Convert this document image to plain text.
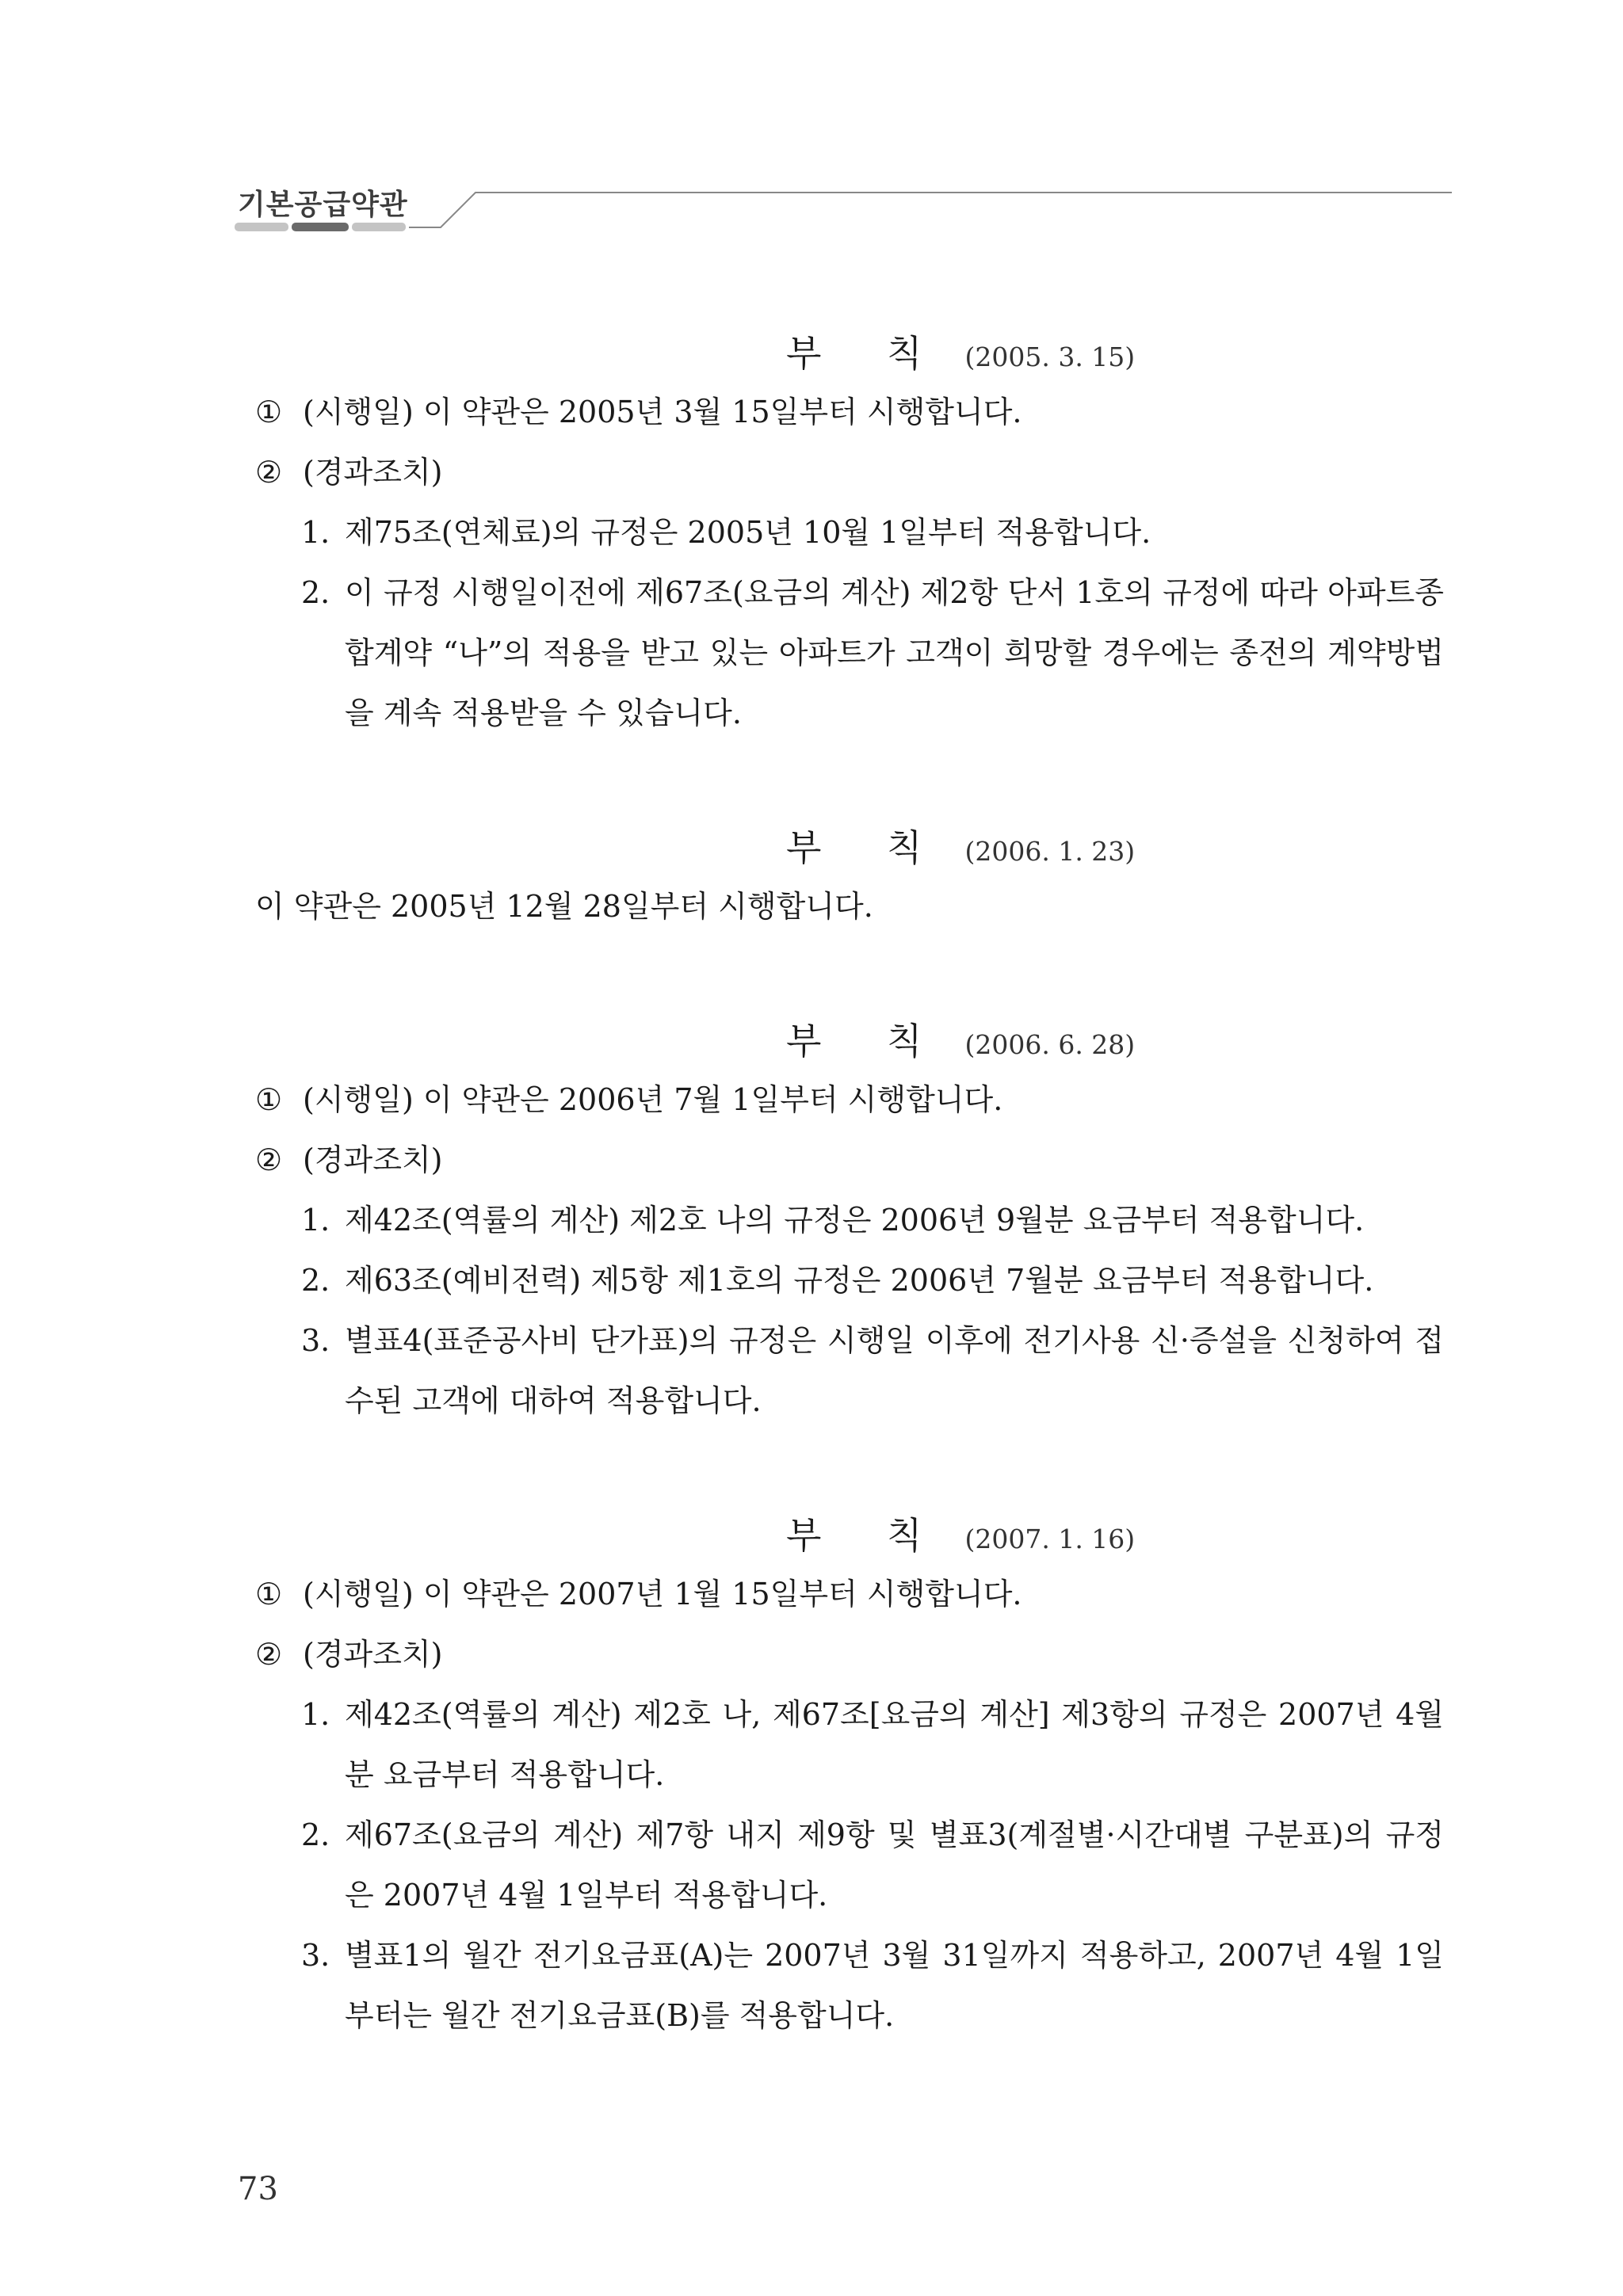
기본공급약관
부 칙 (2005. 3. 15)
① (시행일) 이 약관은 2005년 3월 15일부터 시행합니다.
② (경과조치)
1. 제75조(연체료)의 규정은 2005년 10월 1일부터 적용합니다.
2. 이 규정 시행일이전에 제67조(요금의 계산) 제2항 단서 1호의 규정에 따라 아파트종합계약 “나”의 적용을 받고 있는 아파트가 고객이 희망할 경우에는 종전의 계약방법을 계속 적용받을 수 있습니다.
부 칙 (2006. 1. 23)
이 약관은 2005년 12월 28일부터 시행합니다.
부 칙 (2006. 6. 28)
① (시행일) 이 약관은 2006년 7월 1일부터 시행합니다.
② (경과조치)
1. 제42조(역률의 계산) 제2호 나의 규정은 2006년 9월분 요금부터 적용합니다.
2. 제63조(예비전력) 제5항 제1호의 규정은 2006년 7월분 요금부터 적용합니다.
3. 별표4(표준공사비 단가표)의 규정은 시행일 이후에 전기사용 신·증설을 신청하여 접수된 고객에 대하여 적용합니다.
부 칙 (2007. 1. 16)
① (시행일) 이 약관은 2007년 1월 15일부터 시행합니다.
② (경과조치)
1. 제42조(역률의 계산) 제2호 나, 제67조[요금의 계산] 제3항의 규정은 2007년 4월 분 요금부터 적용합니다.
2. 제67조(요금의 계산) 제7항 내지 제9항 및 별표3(계절별·시간대별 구분표)의 규정은 2007년 4월 1일부터 적용합니다.
3. 별표1의 월간 전기요금표(A)는 2007년 3월 31일까지 적용하고, 2007년 4월 1일부터는 월간 전기요금표(B)를 적용합니다.
73
